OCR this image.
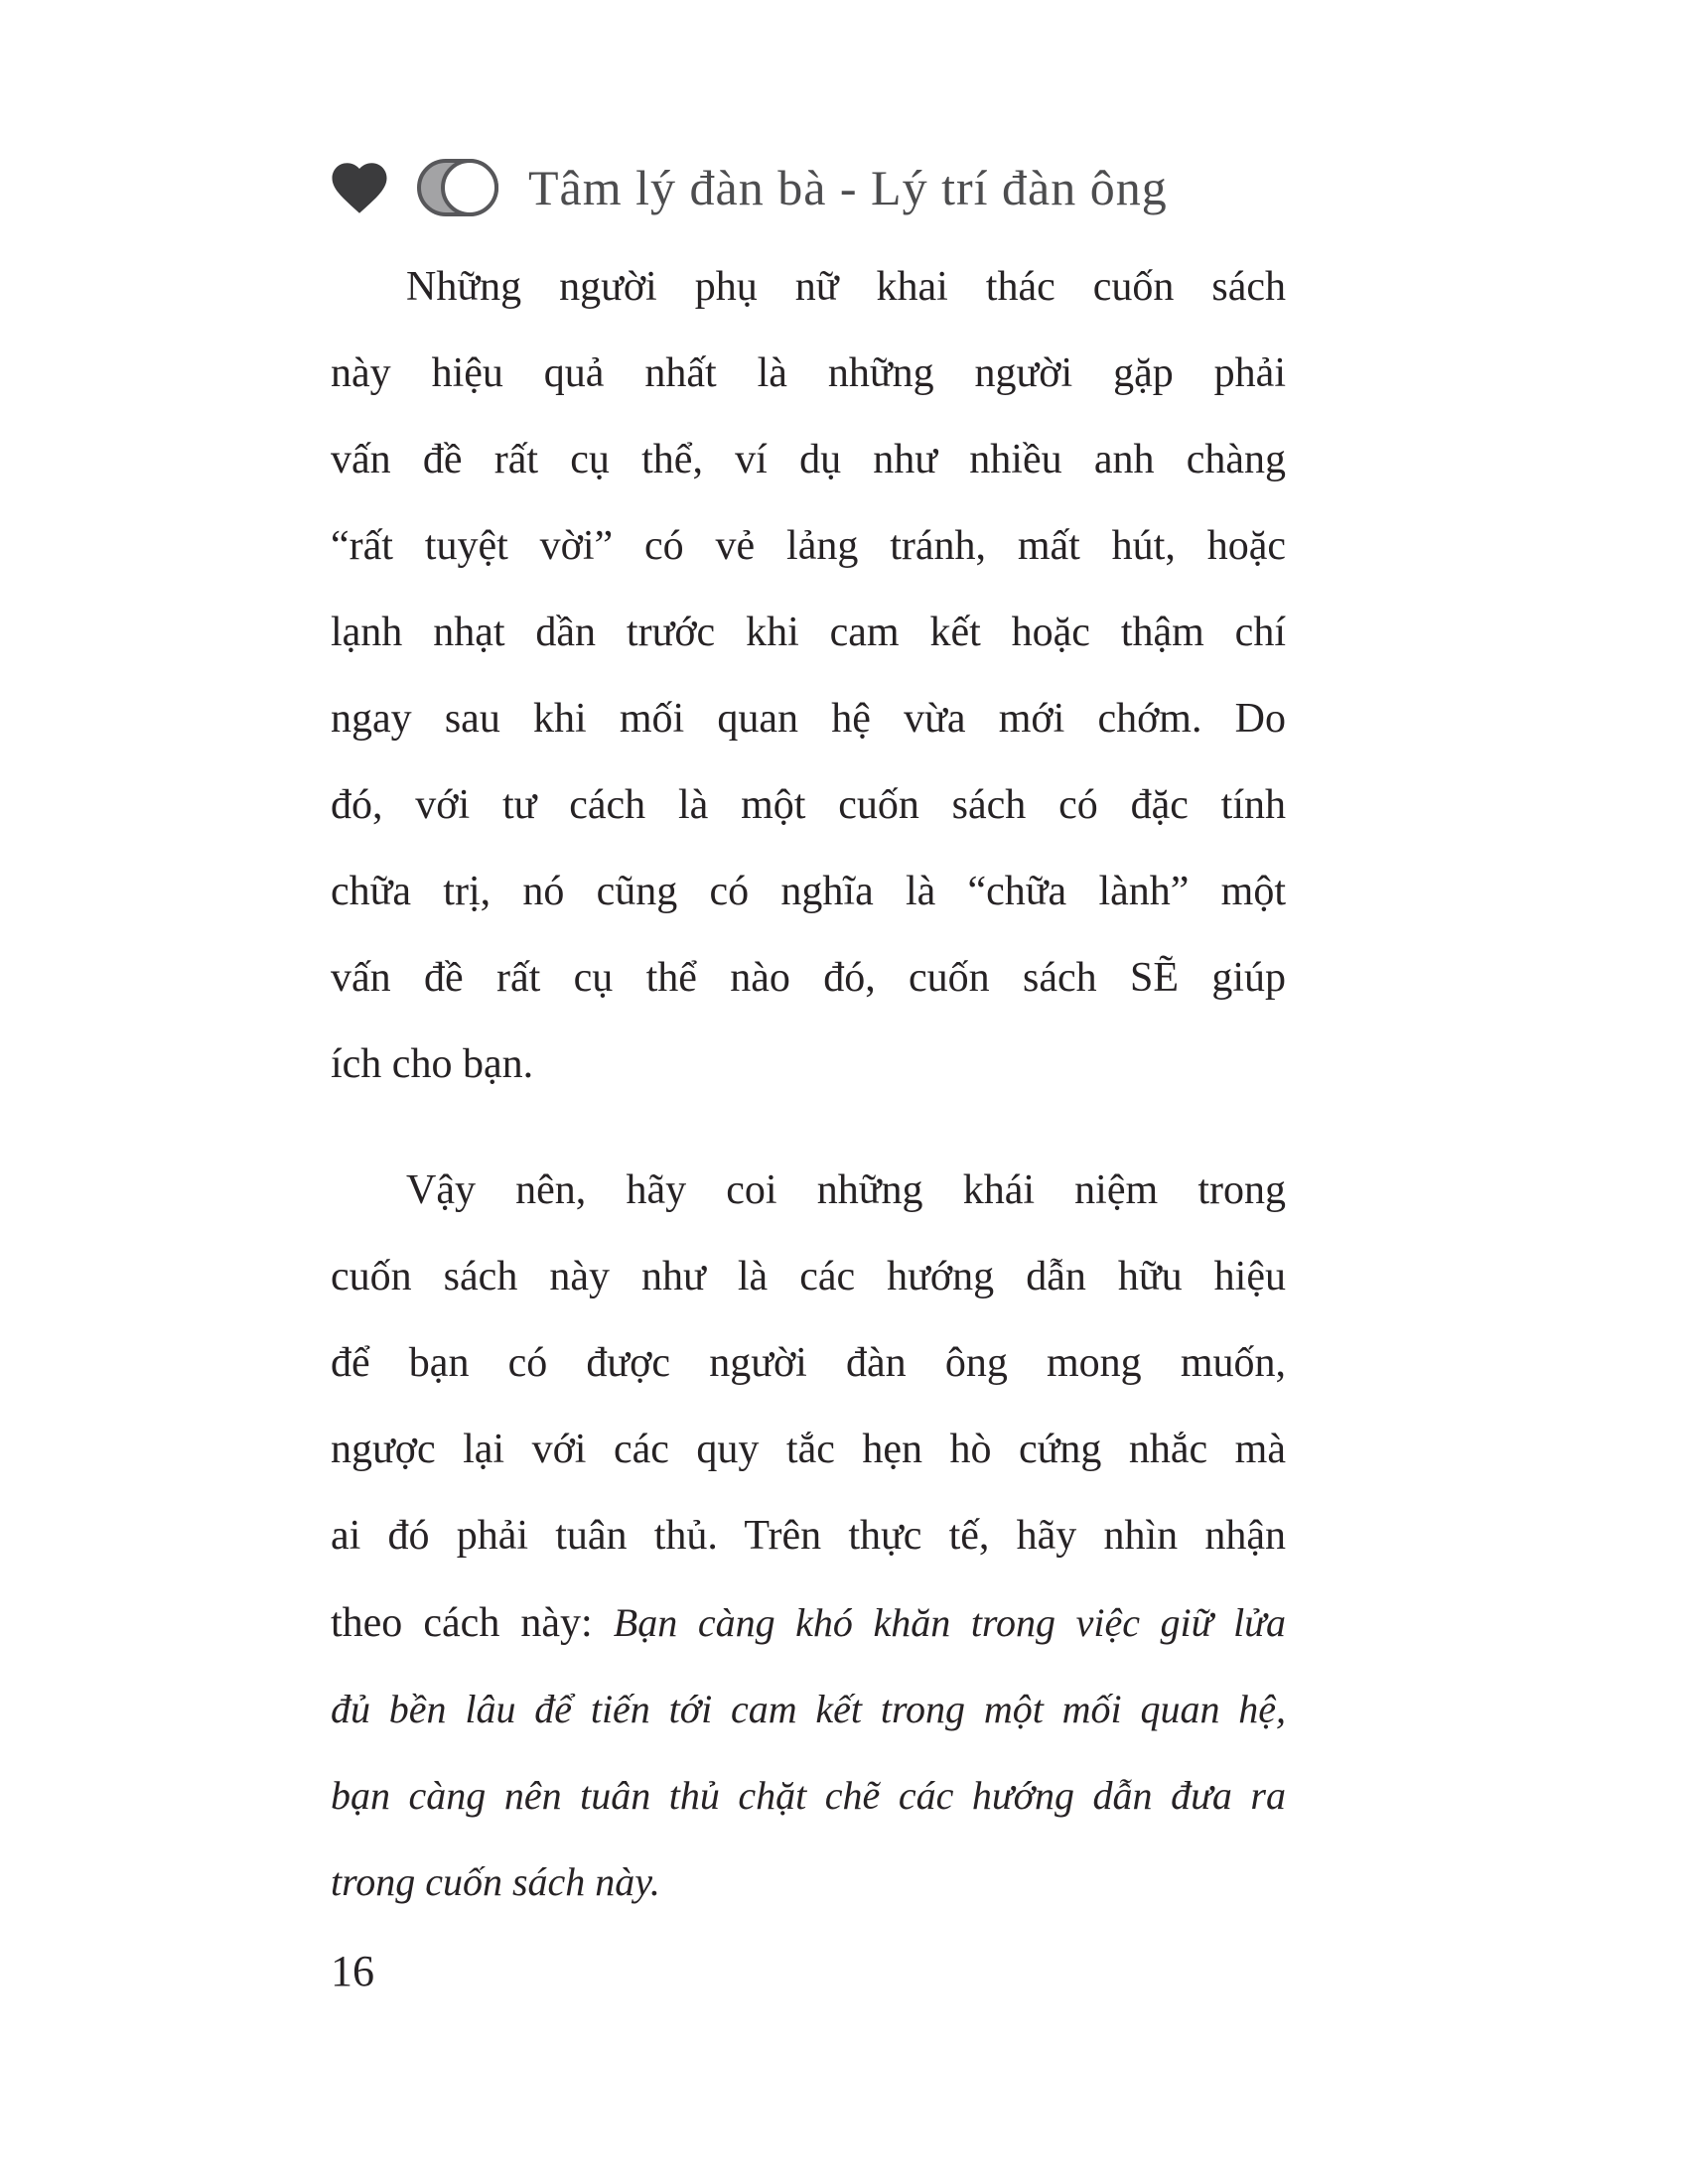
Tâm lý đàn bà - Lý trí đàn ông
Những người phụ nữ khai thác cuốn sách
này hiệu quả nhất là những người gặp phải
vấn đề rất cụ thể, ví dụ như nhiều anh chàng
“rất tuyệt vời” có vẻ lảng tránh, mất hút, hoặc
lạnh nhạt dần trước khi cam kết hoặc thậm chí
ngay sau khi mối quan hệ vừa mới chớm. Do
đó, với tư cách là một cuốn sách có đặc tính
chữa trị, nó cũng có nghĩa là “chữa lành” một
vấn đề rất cụ thể nào đó, cuốn sách SẼ giúp
ích cho bạn.
Vậy nên, hãy coi những khái niệm trong
cuốn sách này như là các hướng dẫn hữu hiệu
để bạn có được người đàn ông mong muốn,
ngược lại với các quy tắc hẹn hò cứng nhắc mà
ai đó phải tuân thủ. Trên thực tế, hãy nhìn nhận
theo cách này: Bạn càng khó khăn trong việc giữ lửa
đủ bền lâu để tiến tới cam kết trong một mối quan hệ,
bạn càng nên tuân thủ chặt chẽ các hướng dẫn đưa ra
trong cuốn sách này.
16
